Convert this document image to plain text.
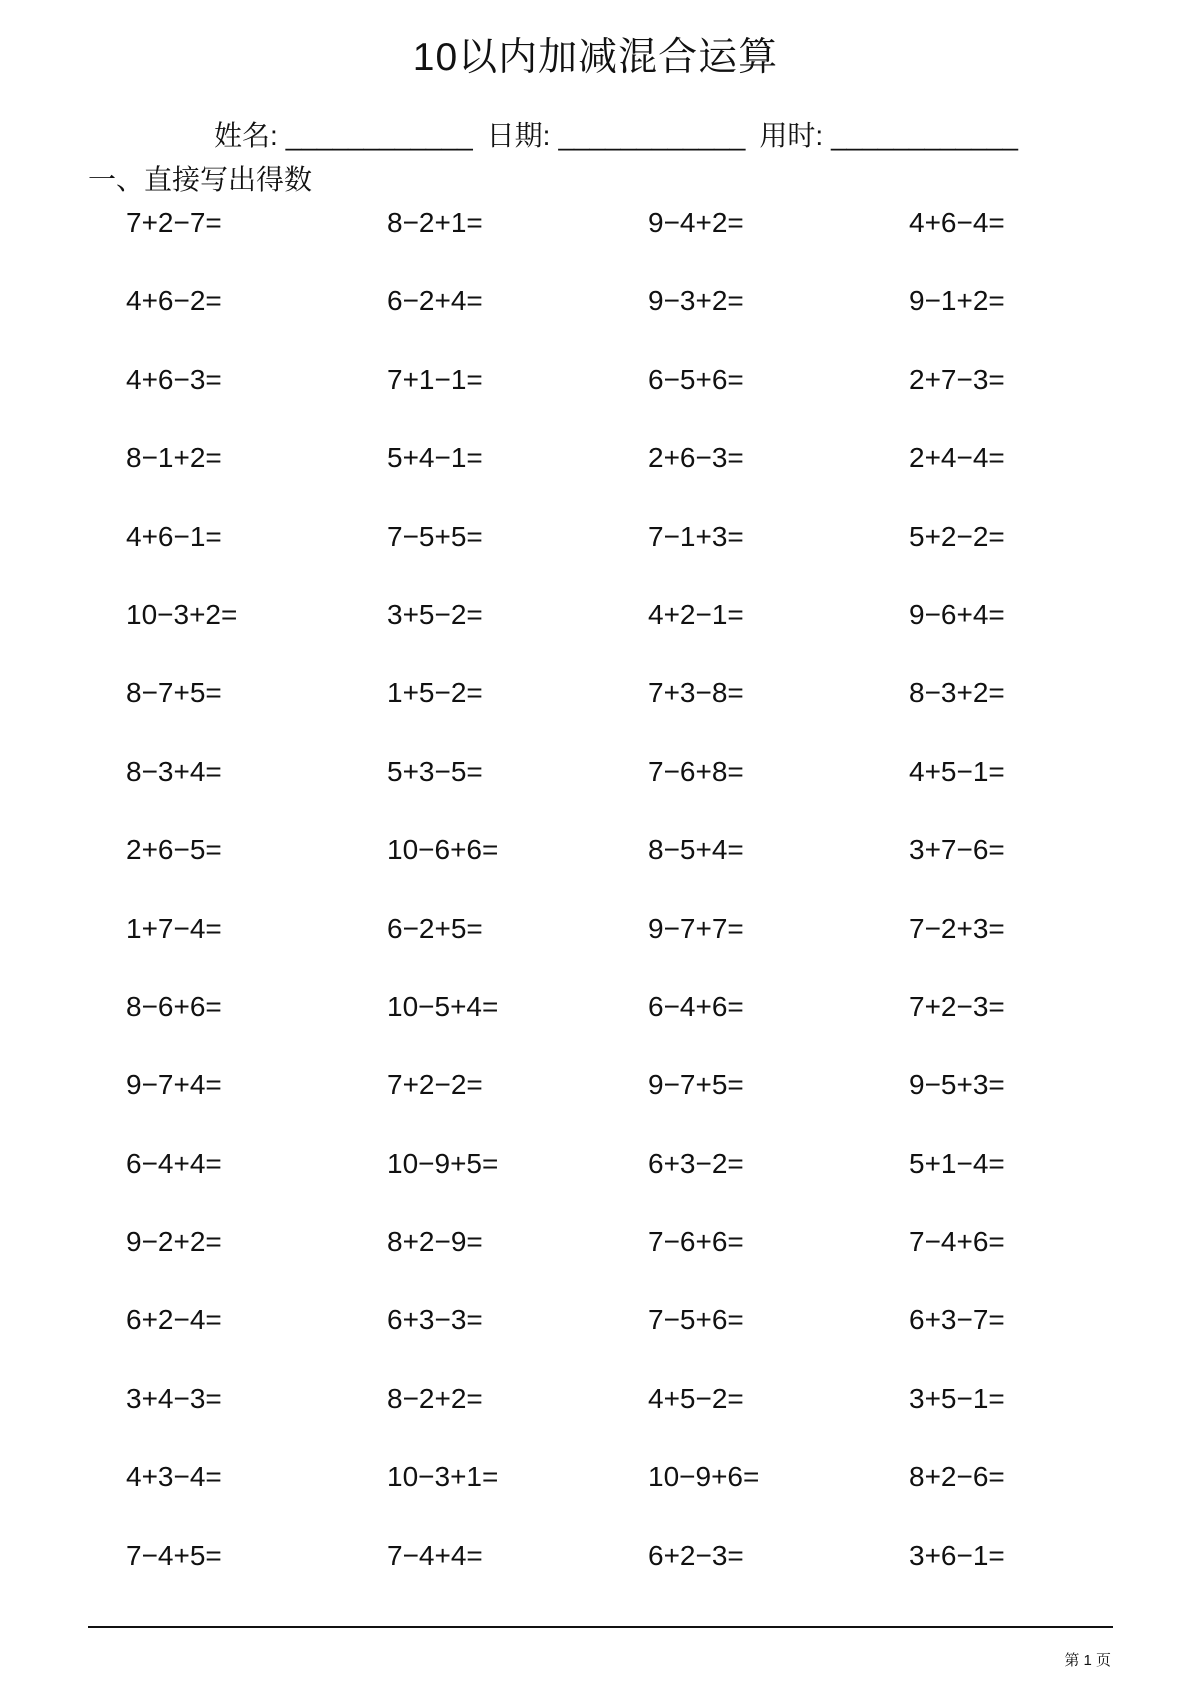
10以内加减混合运算
姓名: ____________ 日期: ____________ 用时: ____________
一、直接写出得数
7+2−7=	8−2+1=	9−4+2=	4+6−4=
4+6−2=	6−2+4=	9−3+2=	9−1+2=
4+6−3=	7+1−1=	6−5+6=	2+7−3=
8−1+2=	5+4−1=	2+6−3=	2+4−4=
4+6−1=	7−5+5=	7−1+3=	5+2−2=
10−3+2=	3+5−2=	4+2−1=	9−6+4=
8−7+5=	1+5−2=	7+3−8=	8−3+2=
8−3+4=	5+3−5=	7−6+8=	4+5−1=
2+6−5=	10−6+6=	8−5+4=	3+7−6=
1+7−4=	6−2+5=	9−7+7=	7−2+3=
8−6+6=	10−5+4=	6−4+6=	7+2−3=
9−7+4=	7+2−2=	9−7+5=	9−5+3=
6−4+4=	10−9+5=	6+3−2=	5+1−4=
9−2+2=	8+2−9=	7−6+6=	7−4+6=
6+2−4=	6+3−3=	7−5+6=	6+3−7=
3+4−3=	8−2+2=	4+5−2=	3+5−1=
4+3−4=	10−3+1=	10−9+6=	8+2−6=
7−4+5=	7−4+4=	6+2−3=	3+6−1=
第 1 页
